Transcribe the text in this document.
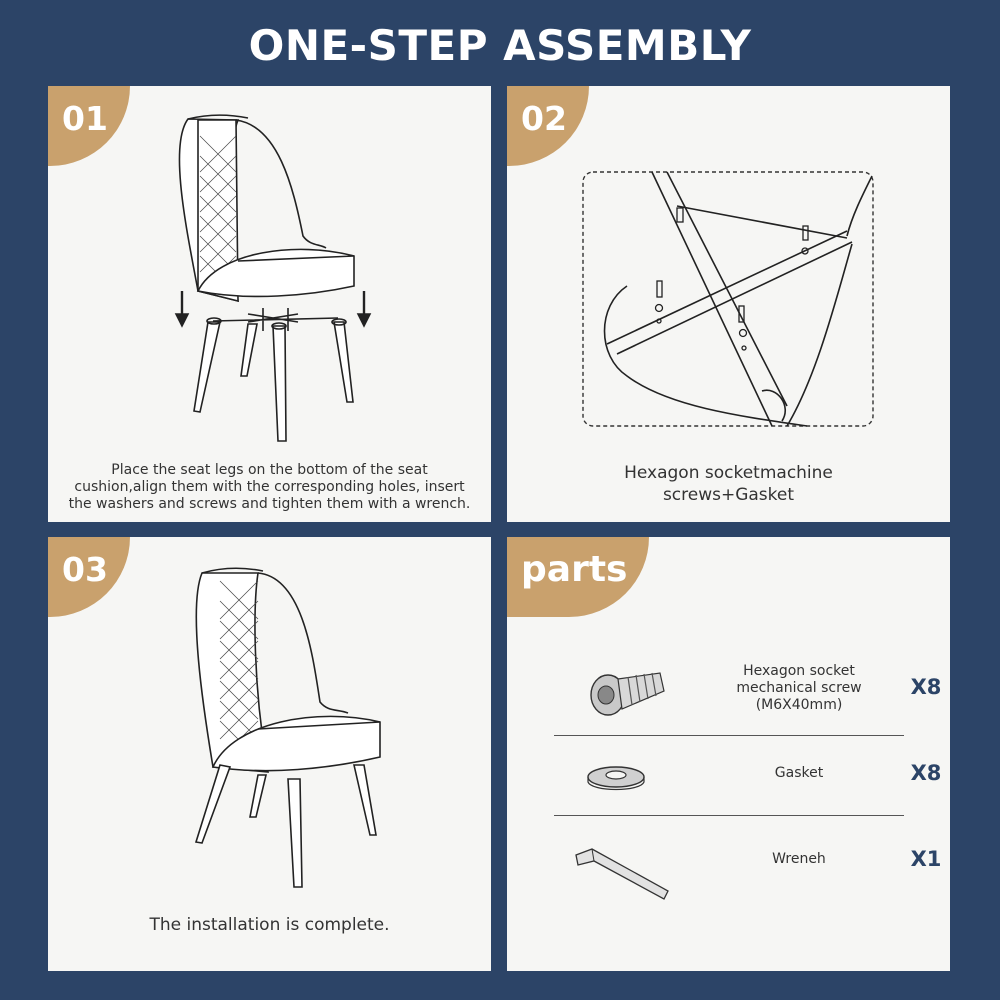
ONE-STEP ASSEMBLY
01
Place the seat legs on the bottom of the seat cushion,align them with the corresponding holes, insert the washers and screws and tighten them with a wrench.
02
Hexagon socketmachine screws+Gasket
03
The installation is complete.
parts
Hexagon socket mechanical screw (M6X40mm)
X8
Gasket	X8
Wreneh	X1
